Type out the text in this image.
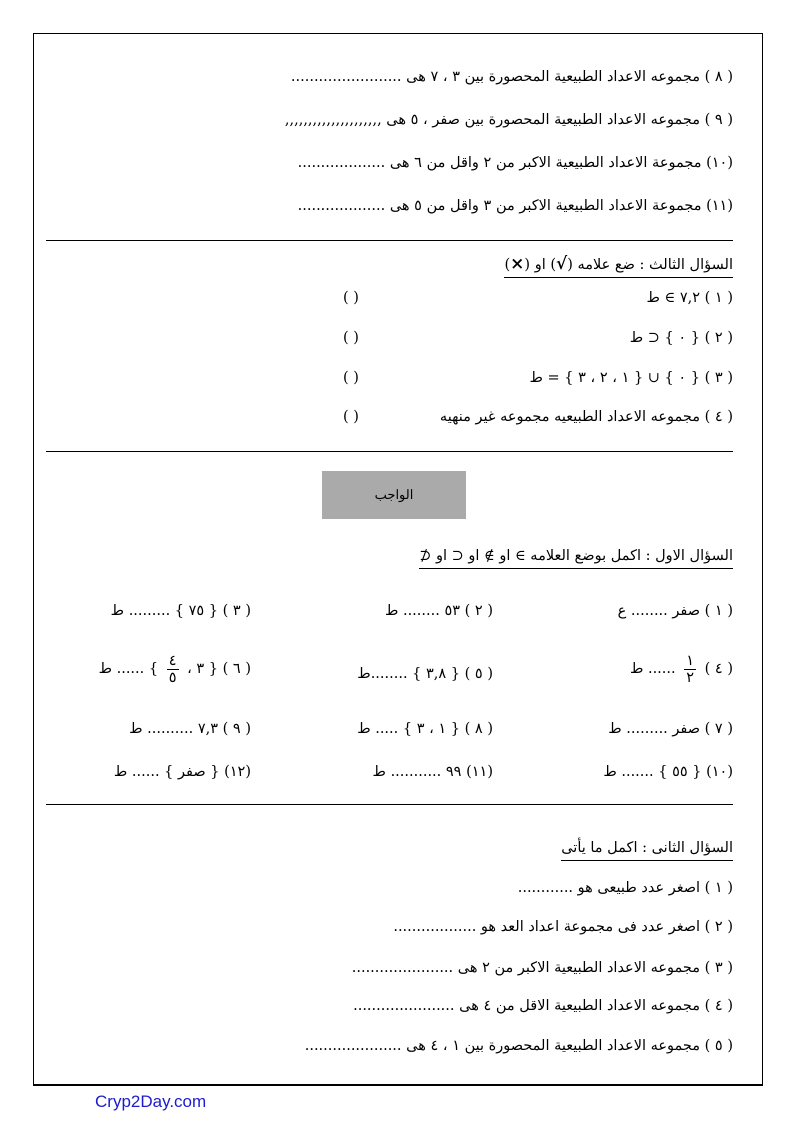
( ٨ ) مجموعه الاعداد الطبيعية المحصورة بين ٣ ، ٧ هى ........................
( ٩ ) مجموعه الاعداد الطبيعية المحصورة بين صفر ، ٥ هى ,,,,,,,,,,,,,,,,,,,,,
(١٠) مجموعة الاعداد الطبيعية الاكبر من ٢ واقل من ٦ هى ...................
(١١) مجموعة الاعداد الطبيعية الاكبر من ٣ واقل من ٥ هى ...................
السؤال الثالث : ضع علامه (√) او (×)
( ١ ) ٧,٢ ∋ ط
( )
( ٢ ) { ٠ } ⊂ ط
( )
( ٣ ) { ٠ } ∪ { ١ ، ٢ ، ٣ } = ط
( )
( ٤ ) مجموعه الاعداد الطبيعيه مجموعه غير منهيه
( )
الواجب
السؤال الاول : اكمل بوضع العلامه ∋ او ∌ او ⊂ او ⊄
( ١ ) صفر ........ ع
( ٢ ) ٥٣ ........ ط
( ٣ ) { ٧٥ } ......... ط
( ٤ )
$\frac{١}{٢}$
...... ط
( ٥ ) { ٣,٨ } ........ط
( ٦ ) { ٣ ،
$\frac{٤}{٥}$
} ...... ط
( ٧ ) صفر ......... ط
( ٨ ) { ١ ، ٣ } ..... ط
( ٩ ) ٧,٣ .......... ط
(١٠) { ٥٥ } ....... ط
(١١) ٩٩ ........... ط
(١٢) { صفر } ...... ط
السؤال الثانى : اكمل ما يأتى
( ١ ) اصغر عدد طبيعى هو ............
( ٢ ) اصغر عدد فى مجموعة اعداد العد هو ..................
( ٣ ) مجموعه الاعداد الطبيعية الاكبر من ٢ هى ......................
( ٤ ) مجموعه الاعداد الطبيعية الاقل من ٤ هى ......................
( ٥ ) مجموعه الاعداد الطبيعية المحصورة بين ١ ، ٤ هى .....................
Cryp2Day.com
